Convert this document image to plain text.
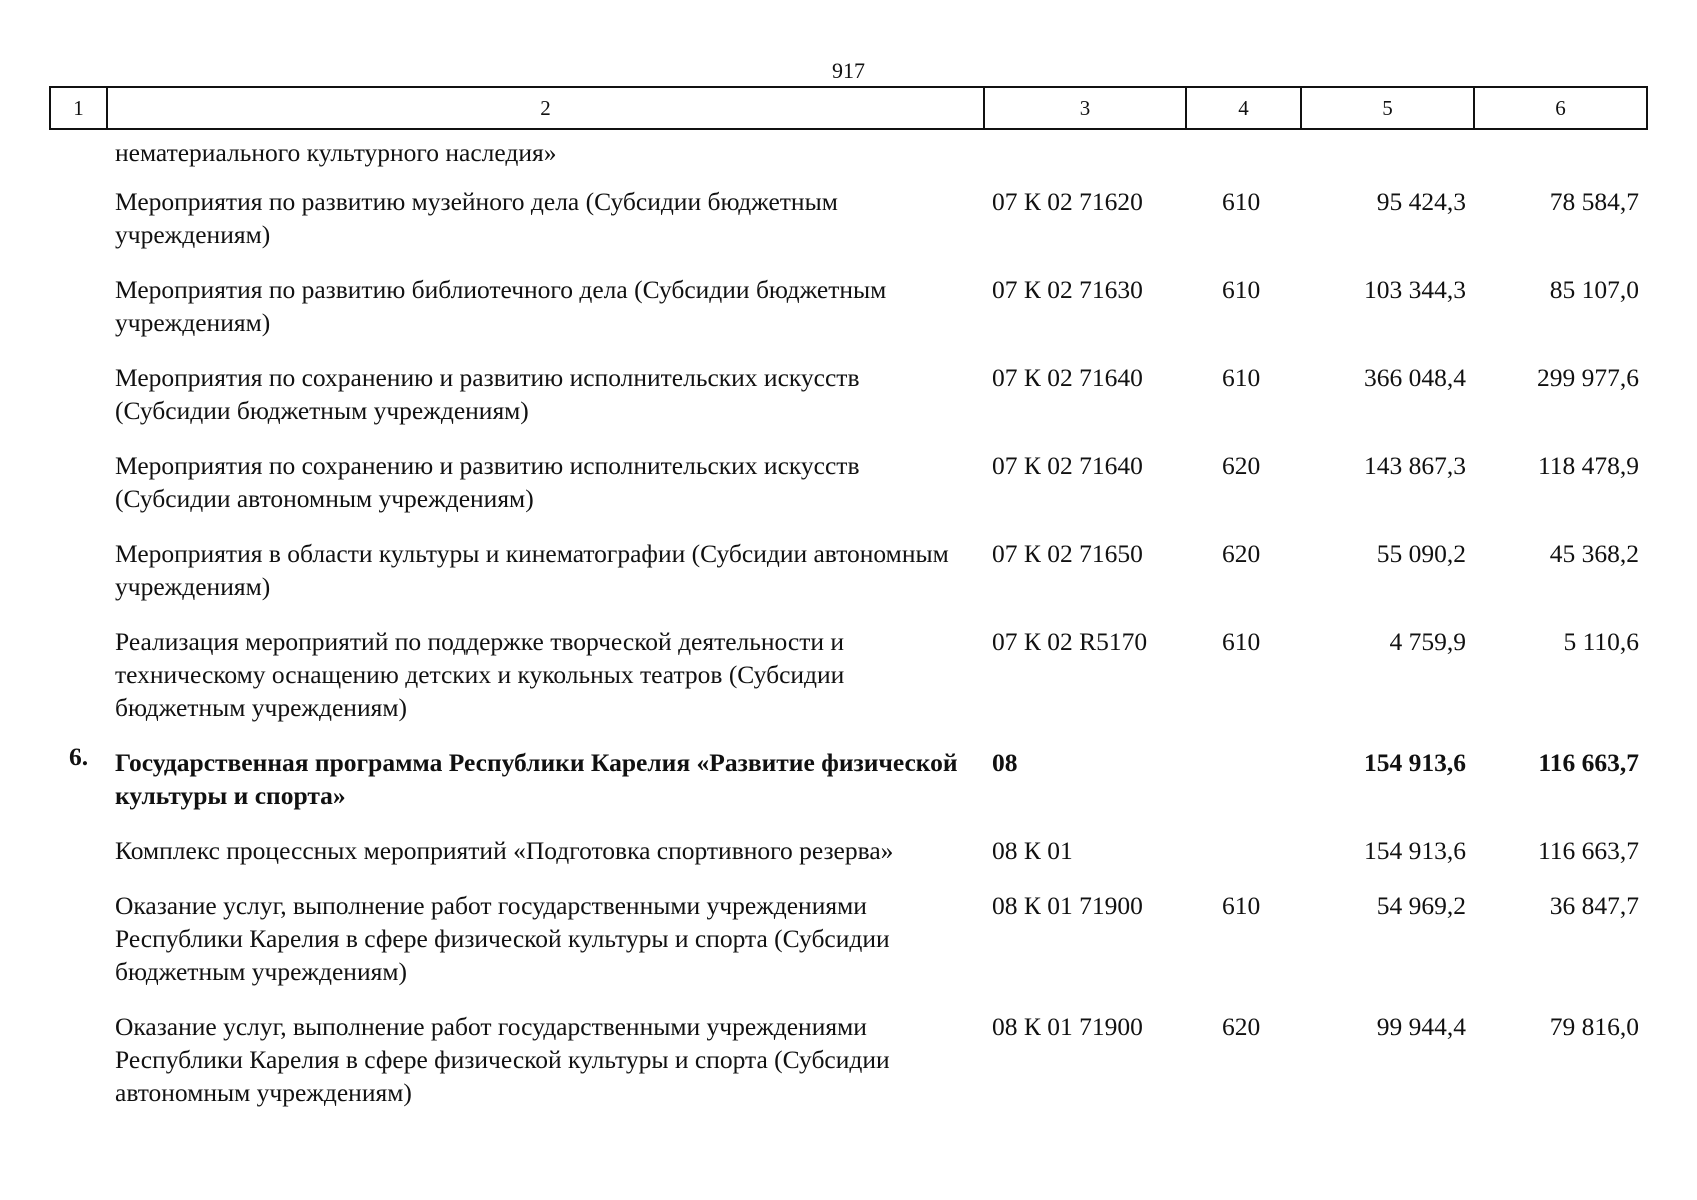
917
1	2	3	4	5	6
	нематериального культурного наследия»				
	Мероприятия по развитию музейного дела (Субсидии бюджетным учреждениям)	07 К 02 71620	610	95 424,3	78 584,7
	Мероприятия по развитию библиотечного дела (Субсидии бюджетным учреждениям)	07 К 02 71630	610	103 344,3	85 107,0
	Мероприятия по сохранению и развитию исполнительских искусств (Субсидии бюджетным учреждениям)	07 К 02 71640	610	366 048,4	299 977,6
	Мероприятия по сохранению и развитию исполнительских искусств (Субсидии автономным учреждениям)	07 К 02 71640	620	143 867,3	118 478,9
	Мероприятия в области культуры и кинематографии (Субсидии автономным учреждениям)	07 К 02 71650	620	55 090,2	45 368,2
	Реализация мероприятий по поддержке творческой деятельности и техническому оснащению детских и кукольных театров (Субсидии бюджетным учреждениям)	07 К 02 R5170	610	4 759,9	5 110,6
6.	Государственная программа Республики Карелия «Развитие физической культуры и спорта»	08		154 913,6	116 663,7
	Комплекс процессных мероприятий «Подготовка спортивного резерва»	08 К 01		154 913,6	116 663,7
	Оказание услуг, выполнение работ государственными учреждениями Республики Карелия в сфере физической культуры и спорта (Субсидии бюджетным учреждениям)	08 К 01 71900	610	54 969,2	36 847,7
	Оказание услуг, выполнение работ государственными учреждениями Республики Карелия в сфере физической культуры и спорта (Субсидии автономным учреждениям)	08 К 01 71900	620	99 944,4	79 816,0
